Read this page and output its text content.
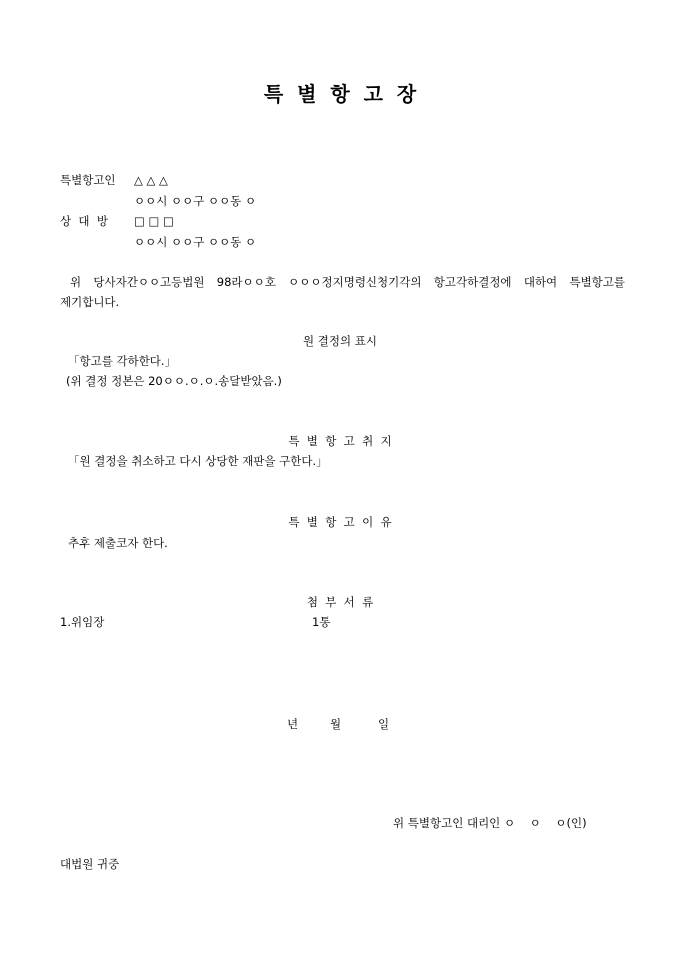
특  별  항  고  장
특별항고인 △ △ △
ㅇㅇ시 ㅇㅇ구 ㅇㅇ동 ㅇ
상  대  방 □ □ □
ㅇㅇ시 ㅇㅇ구 ㅇㅇ동 ㅇ
위 당사자간ㅇㅇ고등법원 98라ㅇㅇ호 ㅇㅇㅇ정지명령신청기각의 항고각하결정에 대하여 특별항고를 제기합니다.
원 결정의 표시
「항고를 각하한다.」
(위 결정 정본은 20ㅇㅇ.ㅇ.ㅇ.송달받았음.)
특  별  항  고  취  지
「원 결정을 취소하고 다시 상당한 재판을 구한다.」
특  별  항  고  이  유
추후 제출코자 한다.
첨  부  서  류
1.위임장	1통
년	월	일
위 특별항고인 대리인 ㅇ    ㅇ    ㅇ(인)
대법원 귀중
